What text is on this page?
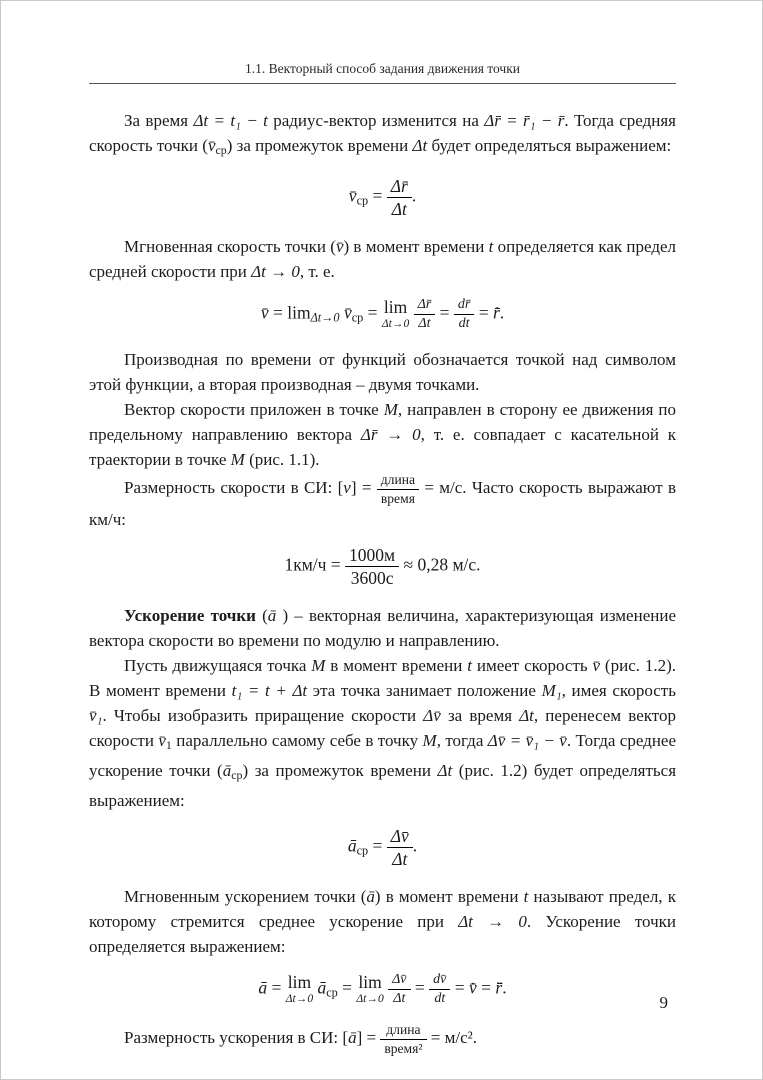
1.1. Векторный способ задания движения точки

За время Δt = t₁ − t радиус-вектор изменится на Δr̄ = r̄₁ − r̄. Тогда средняя скорость точки $(v̄_{ср})$ за промежуток времени Δt будет определяться выражением:

$v̄_{ср} = \frac{\Delta r̄}{\Delta t}$ .

Мгновенная скорость точки (v̄) в момент времени t определяется как предел средней скорости при Δt → 0, т. е.

v̄ = $\lim_{\Delta t\to 0}$ $v̄_{ср} = \lim$
Δt→0
$\frac{\Delta r̄}{\Delta t} = \frac{dr̄}{dt}$ = r̄̇.

Производная по времени от функций обозначается точкой над символом этой функции, а вторая производная – двумя точками.

Вектор скорости приложен в точке M, направлен в сторону ее движения по предельному направлению вектора Δr̄ → 0, т. е. совпадает с касательной к траектории в точке M (рис. 1.1).

Размерность скорости в СИ: $[v] = \frac{\text{длина}}{\text{время}} = м/с$. Часто скорость выражают в км/ч:

$1км/ч = \frac{1000м}{3600с} \approx 0,28$ м/с.

Ускорение точки (ā ) – векторная величина, характеризующая изменение вектора скорости во времени по модулю и направлению.

Пусть движущаяся точка M в момент времени t имеет скорость v̄ (рис. 1.2). В момент времени t₁ = t + Δt эта точка занимает положение M₁, имея скорость v̄₁. Чтобы изобразить приращение скорости Δv̄ за время Δt, перенесем вектор скорости $v̄_1$ параллельно самому себе в точку M, тогда Δv̄ = v̄₁ − v̄. Тогда среднее ускорение точки $(ā_{ср})$ за промежуток времени Δt (рис. 1.2) будет определяться выражением:

$ā_{ср} = \frac{\Delta v̄}{\Delta t}$ .

Мгновенным ускорением точки (ā) в момент времени t называют предел, к которому стремится среднее ускорение при Δt → 0. Ускорение точки определяется выражением:

ā = lim
Δt→0
$ā_{ср} = \lim$
Δt→0
$\frac{\Delta v̄}{\Delta t} = \frac{dv̄}{dt}$ = v̄̇ = r̄̈.

Размерность ускорения в СИ: [ā] = $\frac{\text{длина}}{\text{время²}} = м/с^2$.

9
